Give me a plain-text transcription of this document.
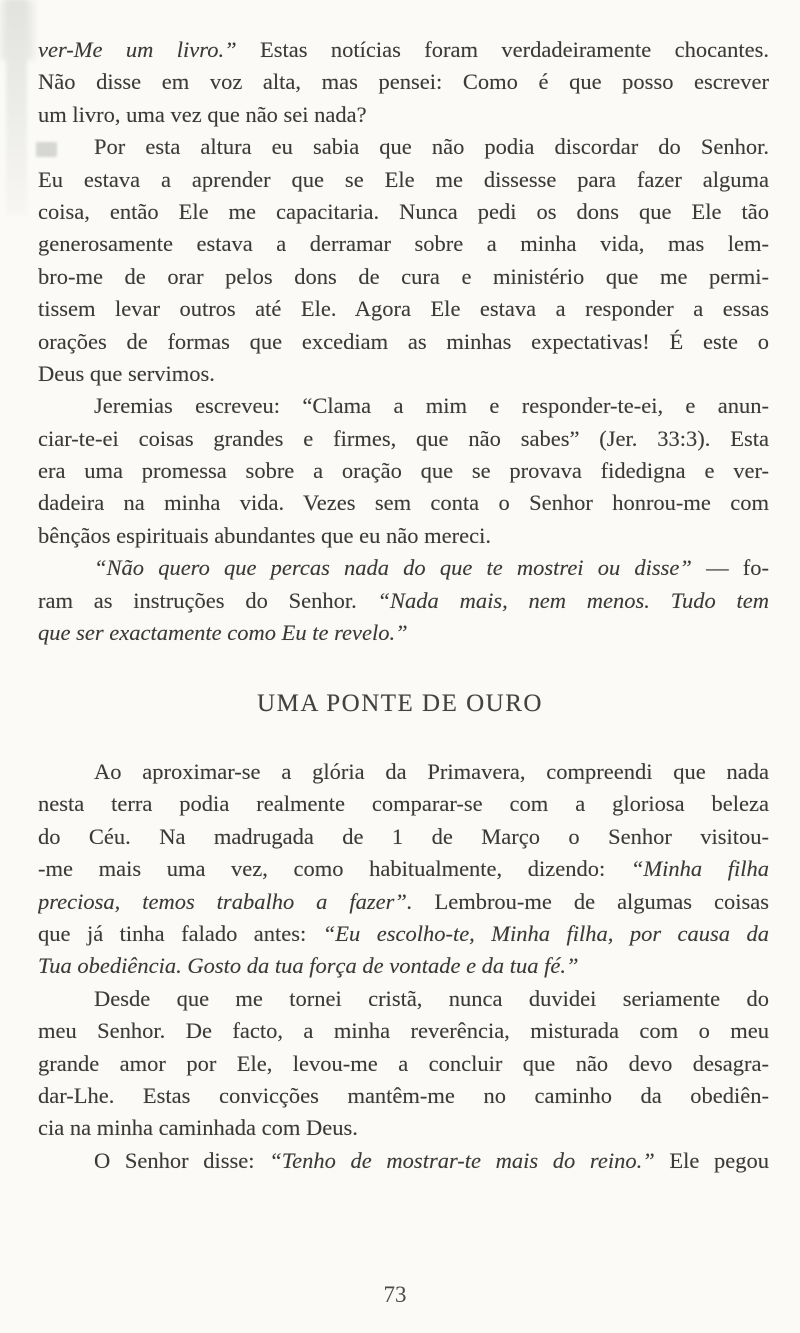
ver-Me um livro.” Estas notícias foram verdadeiramente chocantes.
Não disse em voz alta, mas pensei: Como é que posso escrever
um livro, uma vez que não sei nada?
Por esta altura eu sabia que não podia discordar do Senhor.
Eu estava a aprender que se Ele me dissesse para fazer alguma
coisa, então Ele me capacitaria. Nunca pedi os dons que Ele tão
generosamente estava a derramar sobre a minha vida, mas lem-
bro-me de orar pelos dons de cura e ministério que me permi-
tissem levar outros até Ele. Agora Ele estava a responder a essas
orações de formas que excediam as minhas expectativas! É este o
Deus que servimos.
Jeremias escreveu: “Clama a mim e responder-te-ei, e anun-
ciar-te-ei coisas grandes e firmes, que não sabes” (Jer. 33:3). Esta
era uma promessa sobre a oração que se provava fidedigna e ver-
dadeira na minha vida. Vezes sem conta o Senhor honrou-me com
bênçãos espirituais abundantes que eu não mereci.
“Não quero que percas nada do que te mostrei ou disse” — fo-
ram as instruções do Senhor. “Nada mais, nem menos. Tudo tem
que ser exactamente como Eu te revelo.”
UMA PONTE DE OURO
Ao aproximar-se a glória da Primavera, compreendi que nada
nesta terra podia realmente comparar-se com a gloriosa beleza
do Céu. Na madrugada de 1 de Março o Senhor visitou-
-me mais uma vez, como habitualmente, dizendo: “Minha filha
preciosa, temos trabalho a fazer”. Lembrou-me de algumas coisas
que já tinha falado antes: “Eu escolho-te, Minha filha, por causa da
Tua obediência. Gosto da tua força de vontade e da tua fé.”
Desde que me tornei cristã, nunca duvidei seriamente do
meu Senhor. De facto, a minha reverência, misturada com o meu
grande amor por Ele, levou-me a concluir que não devo desagra-
dar-Lhe. Estas convicções mantêm-me no caminho da obediên-
cia na minha caminhada com Deus.
O Senhor disse: “Tenho de mostrar-te mais do reino.” Ele pegou
73
